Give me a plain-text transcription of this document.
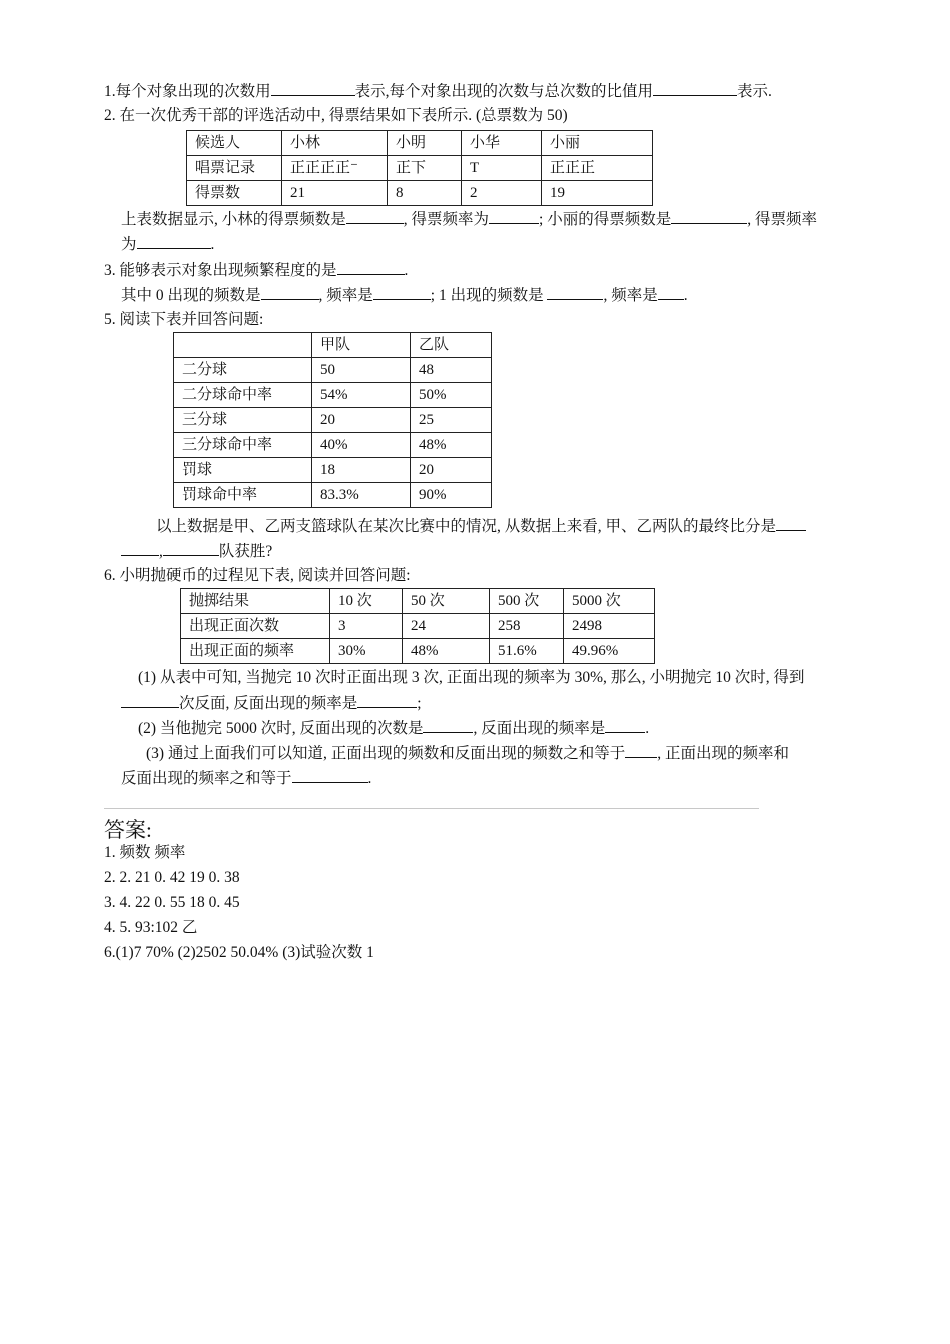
1.每个对象出现的次数用	表示,每个对象出现的次数与总次数的比值用	表示.
2. 在一次优秀干部的评选活动中, 得票结果如下表所示. (总票数为 50)
候选人	小林	小明	小华	小丽
唱票记录	正正正正⁻	正下	T	正正正
得票数	21	8	2	19
上表数据显示, 小林的得票频数是	, 得票频率为	; 小丽的得票频数是	, 得票频率
为	.
3. 能够表示对象出现频繁程度的是	.
其中 0 出现的频数是	, 频率是	; 1 出现的频数是	, 频率是 .
5. 阅读下表并回答问题:
	甲队	乙队
二分球	50	48
二分球命中率	54%	50%
三分球	20	25
三分球命中率	40%	48%
罚球	18	20
罚球命中率	83.3%	90%
以上数据是甲、乙两支篮球队在某次比赛中的情况, 从数据上来看, 甲、乙两队的最终比分是
,	队获胜?
6. 小明抛硬币的过程见下表, 阅读并回答问题:
抛掷结果	10 次	50 次	500 次	5000 次
出现正面次数	3	24	258	2498
出现正面的频率	30%	48%	51.6%	49.96%
(1) 从表中可知, 当抛完 10 次时正面出现 3 次, 正面出现的频率为 30%, 那么, 小明抛完 10 次时, 得到
次反面, 反面出现的频率是	;
(2) 当他抛完 5000 次时, 反面出现的次数是	, 反面出现的频率是	.
(3) 通过上面我们可以知道, 正面出现的频数和反面出现的频数之和等于 , 正面出现的频率和
反面出现的频率之和等于	.
答案:
1. 频数 频率
2. 2. 21 0. 42 19 0. 38
3. 4. 22 0. 55 18 0. 45
4. 5. 93:102 乙
6.(1)7 70% (2)2502 50.04% (3)试验次数 1
